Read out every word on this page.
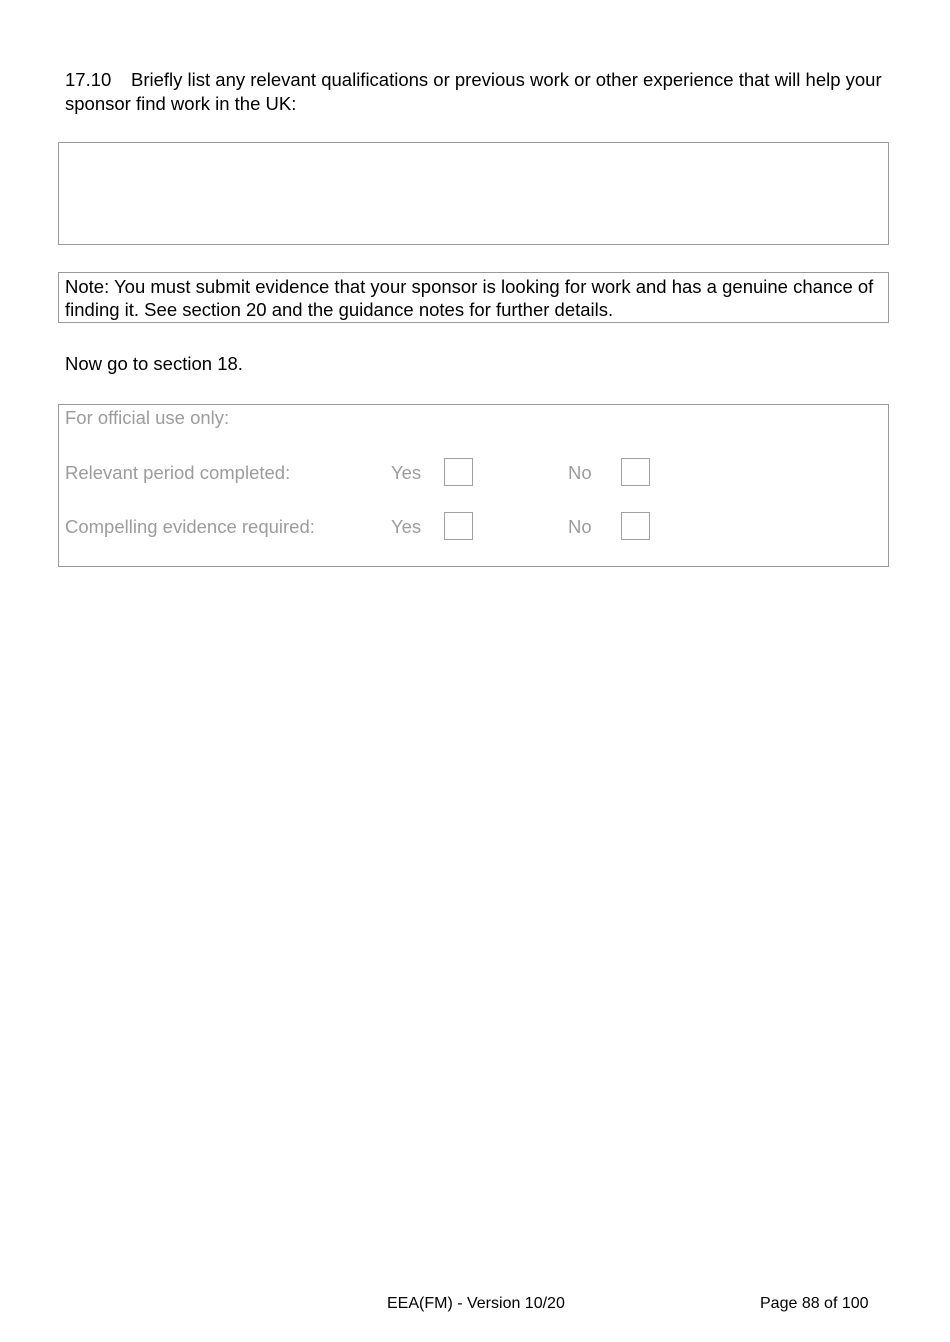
17.10 Briefly list any relevant qualifications or previous work or other experience that will help your sponsor find work in the UK:
Note: You must submit evidence that your sponsor is looking for work and has a genuine chance of finding it. See section 20 and the guidance notes for further details.
Now go to section 18.
For official use only:
Relevant period completed:	Yes	No
Compelling evidence required:	Yes	No
EEA(FM) - Version 10/20	Page 88 of 100
